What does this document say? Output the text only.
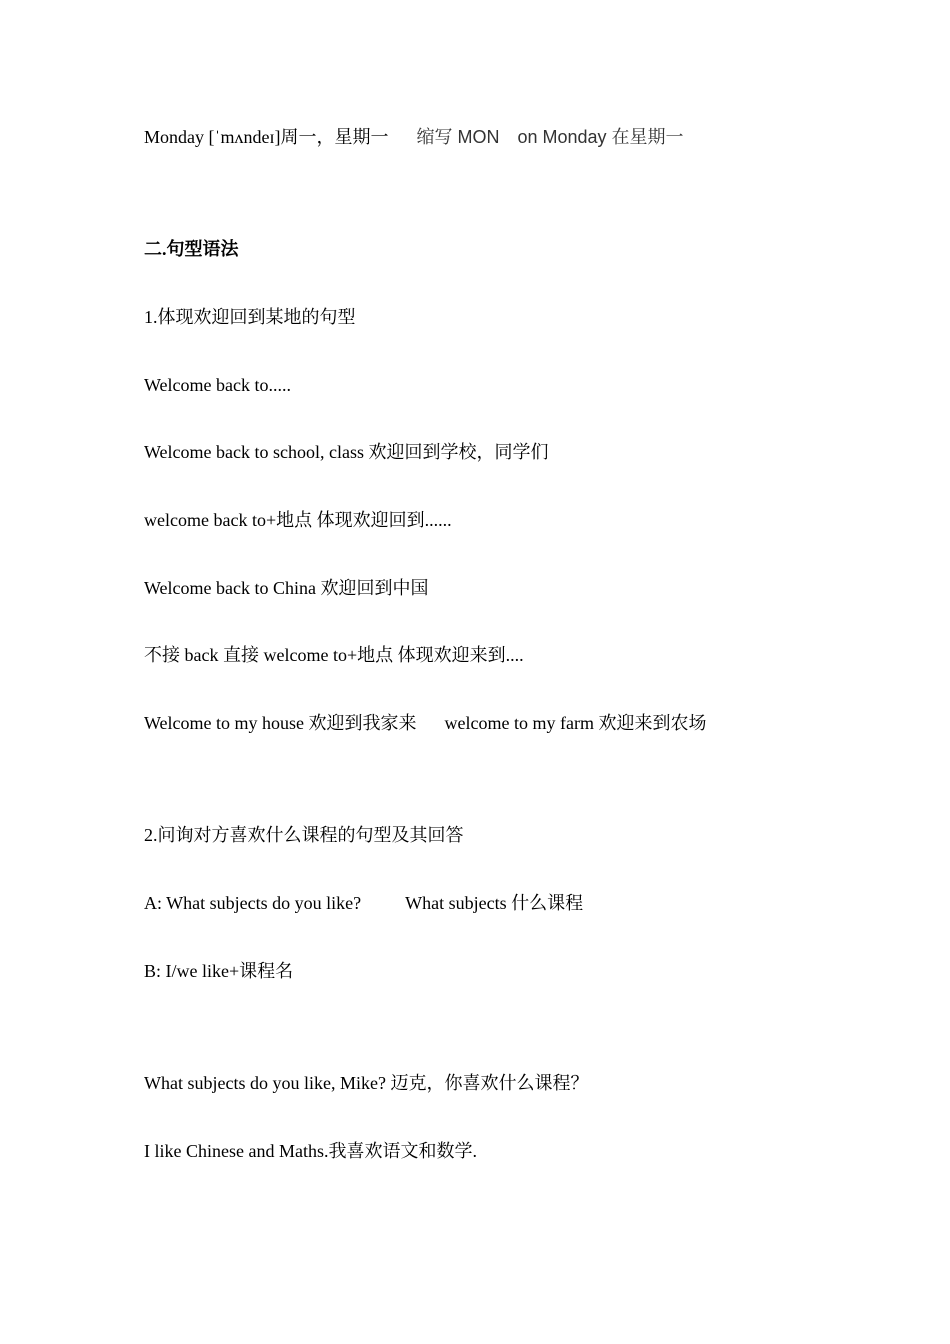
Monday [ˈmʌndeɪ]周一，星期一 缩写 MON on Monday 在星期一
二.句型语法
1.体现欢迎回到某地的句型
Welcome back to.....
Welcome back to school, class 欢迎回到学校，同学们
welcome back to+地点 体现欢迎回到......
Welcome back to China 欢迎回到中国
不接 back 直接 welcome to+地点 体现欢迎来到....
Welcome to my house 欢迎到我家来 welcome to my farm 欢迎来到农场
2.问询对方喜欢什么课程的句型及其回答
A: What subjects do you like? What subjects 什么课程
B: I/we like+课程名
What subjects do you like, Mike? 迈克，你喜欢什么课程？
I like Chinese and Maths.我喜欢语文和数学.
